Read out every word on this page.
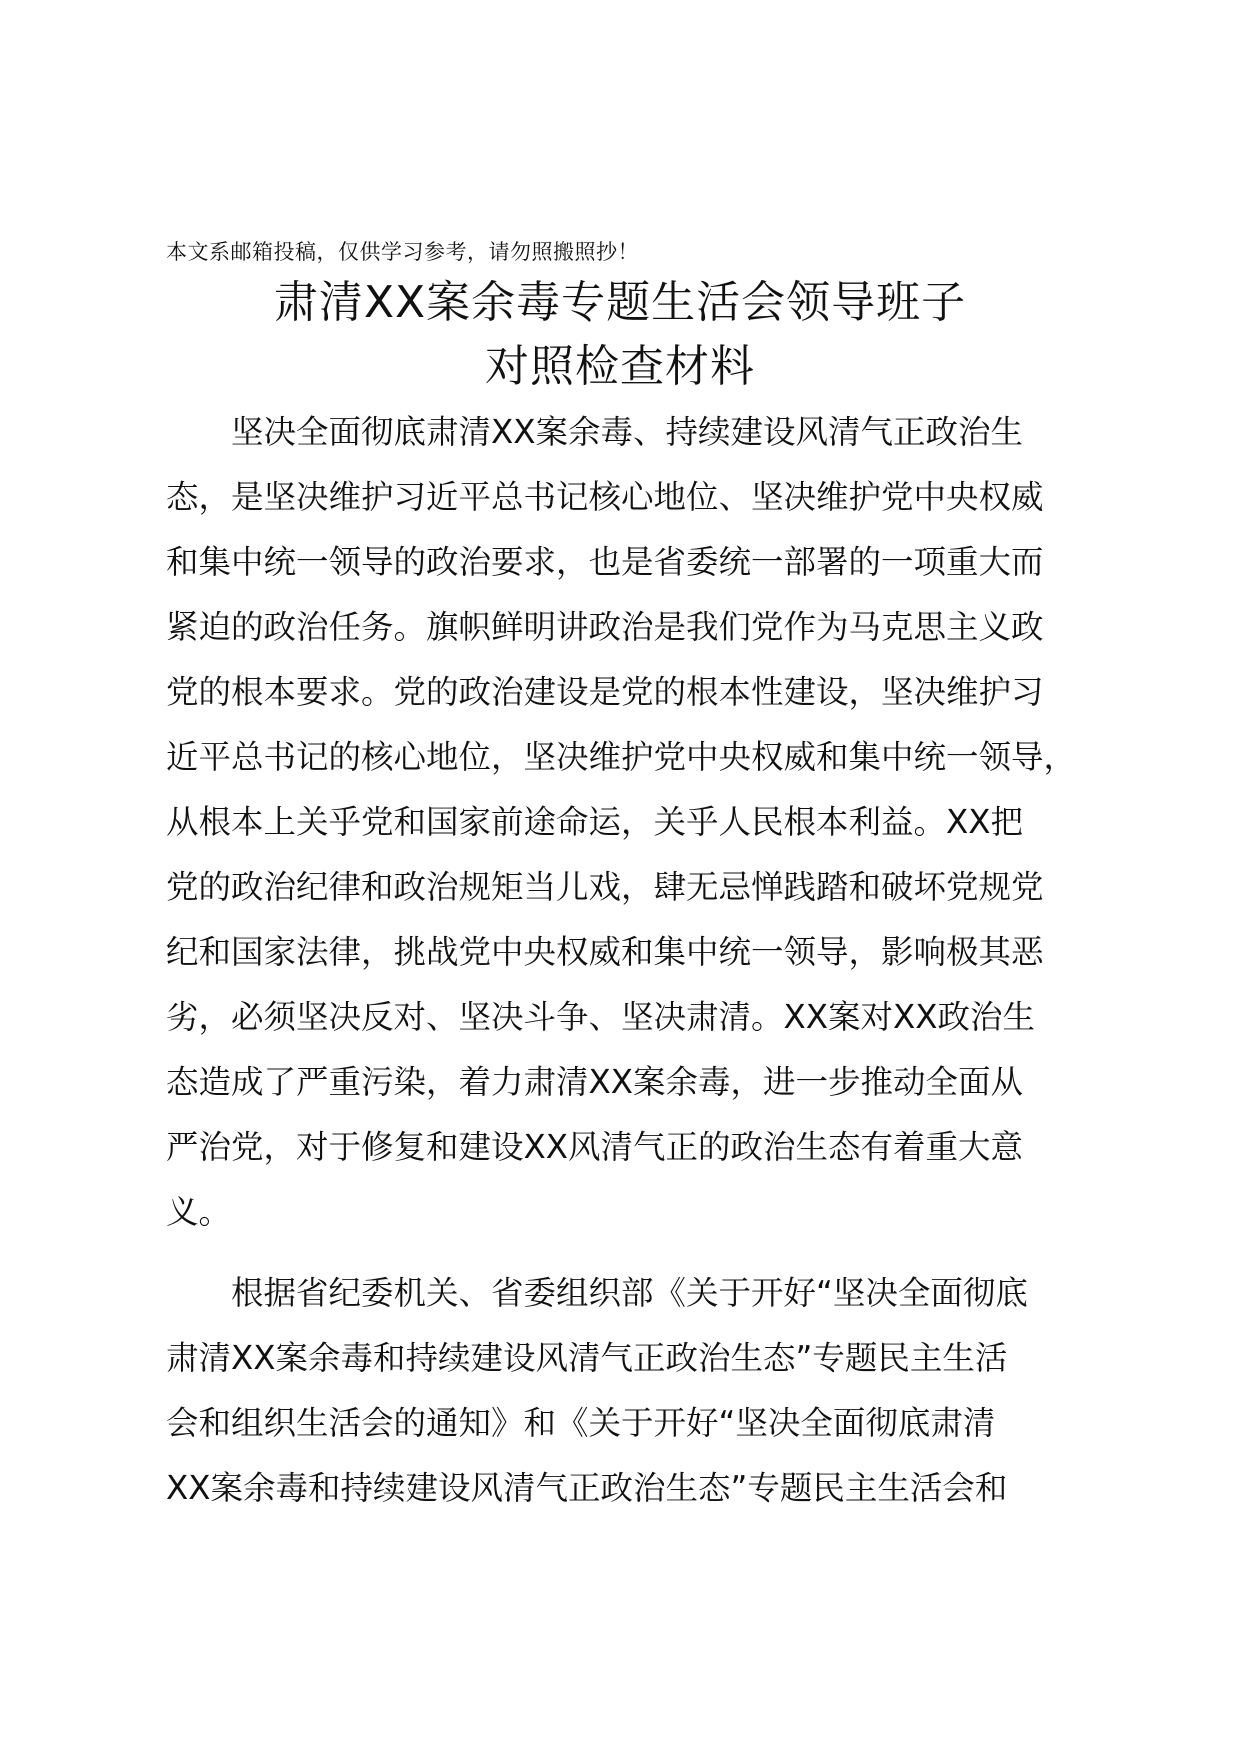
本文系邮箱投稿，仅供学习参考，请勿照搬照抄！
肃清XX案余毒专题生活会领导班子
对照检查材料
　　坚决全面彻底肃清XX案余毒、持续建设风清气正政治生
态，是坚决维护习近平总书记核心地位、坚决维护党中央权威
和集中统一领导的政治要求，也是省委统一部署的一项重大而
紧迫的政治任务。旗帜鲜明讲政治是我们党作为马克思主义政
党的根本要求。党的政治建设是党的根本性建设，坚决维护习
近平总书记的核心地位，坚决维护党中央权威和集中统一领导，
从根本上关乎党和国家前途命运，关乎人民根本利益。XX把
党的政治纪律和政治规矩当儿戏，肆无忌惮践踏和破坏党规党
纪和国家法律，挑战党中央权威和集中统一领导，影响极其恶
劣，必须坚决反对、坚决斗争、坚决肃清。XX案对XX政治生
态造成了严重污染，着力肃清XX案余毒，进一步推动全面从
严治党，对于修复和建设XX风清气正的政治生态有着重大意
义。
　　根据省纪委机关、省委组织部《关于开好“坚决全面彻底
肃清XX案余毒和持续建设风清气正政治生态”专题民主生活
会和组织生活会的通知》和《关于开好“坚决全面彻底肃清
XX案余毒和持续建设风清气正政治生态”专题民主生活会和
